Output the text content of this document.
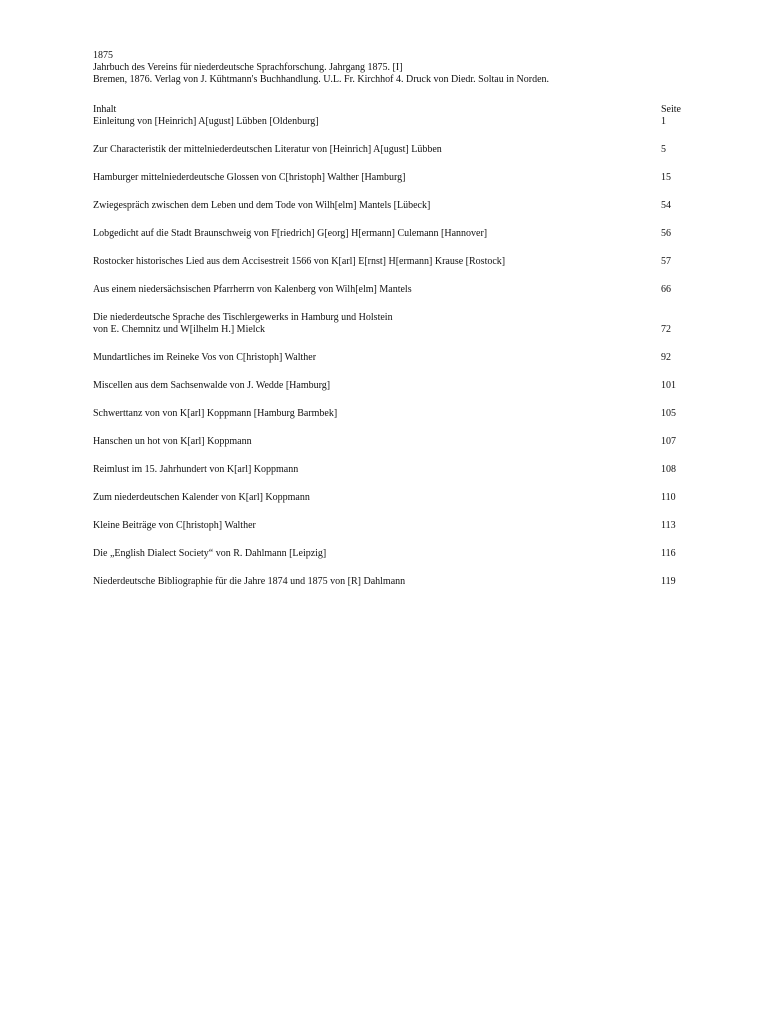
1875
Jahrbuch des Vereins für niederdeutsche Sprachforschung. Jahrgang 1875. [I]
Bremen, 1876. Verlag von J. Kühtmann's Buchhandlung. U.L. Fr. Kirchhof 4. Druck von Diedr. Soltau in Norden.
Inhalt	Seite
Einleitung von [Heinrich] A[ugust] Lübben [Oldenburg]	1
Zur Characteristik der mittelniederdeutschen Literatur von [Heinrich] A[ugust] Lübben	5
Hamburger mittelniederdeutsche Glossen von C[hristoph] Walther [Hamburg]	15
Zwiegespräch zwischen dem Leben und dem Tode von Wilh[elm] Mantels [Lübeck]	54
Lobgedicht auf die Stadt Braunschweig von F[riedrich] G[eorg] H[ermann] Culemann [Hannover]	56
Rostocker historisches Lied aus dem Accisestreit 1566 von K[arl] E[rnst] H[ermann] Krause [Rostock]	57
Aus einem niedersächsischen Pfarrherrn von Kalenberg von Wilh[elm] Mantels	66
Die niederdeutsche Sprache des Tischlergewerks in Hamburg und Holstein
von E. Chemnitz und W[ilhelm H.] Mielck	72
Mundartliches im Reineke Vos von C[hristoph] Walther	92
Miscellen aus dem Sachsenwalde von J. Wedde [Hamburg]	101
Schwerttanz von von K[arl] Koppmann [Hamburg Barmbek]	105
Hanschen un hot von K[arl] Koppmann	107
Reimlust im 15. Jahrhundert von K[arl] Koppmann	108
Zum niederdeutschen Kalender von K[arl] Koppmann	110
Kleine Beiträge von C[hristoph] Walther	113
Die „English Dialect Society“ von R. Dahlmann [Leipzig]	116
Niederdeutsche Bibliographie für die Jahre 1874 und 1875 von [R] Dahlmann	119
